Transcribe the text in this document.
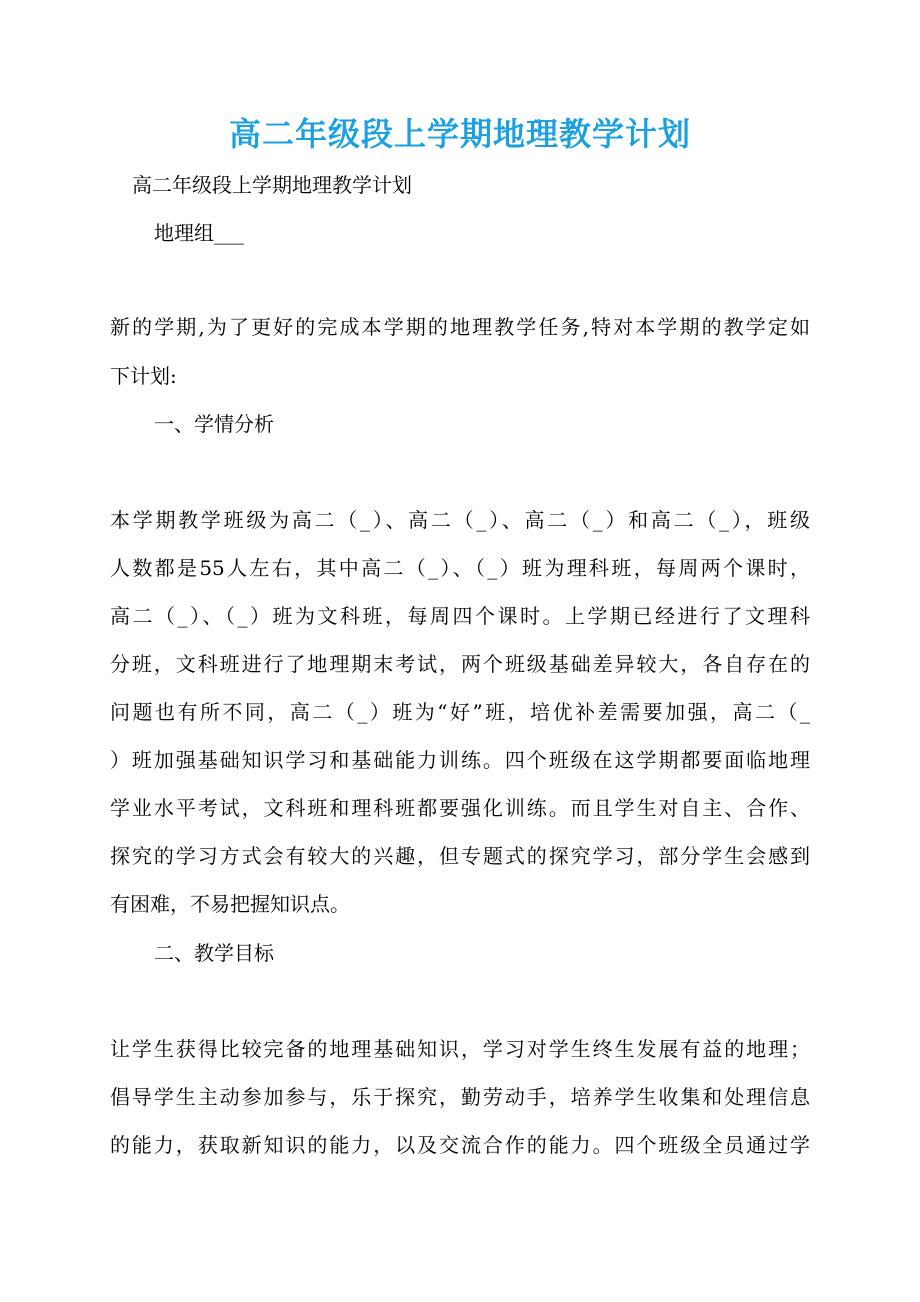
高二年级段上学期地理教学计划

高二年级段上学期地理教学计划

地理组___

新的学期,为了更好的完成本学期的地理教学任务,特对本学期的教学定如

下计划:

一、学情分析

本学期教学班级为高二（_）、高二（_）、高二（_）和高二（_），班级

人数都是55人左右，其中高二（_）、（_）班为理科班，每周两个课时，

高二（_）、（_）班为文科班，每周四个课时。上学期已经进行了文理科

分班，文科班进行了地理期末考试，两个班级基础差异较大，各自存在的

问题也有所不同，高二（_）班为“好”班，培优补差需要加强，高二（_

）班加强基础知识学习和基础能力训练。四个班级在这学期都要面临地理

学业水平考试，文科班和理科班都要强化训练。而且学生对自主、合作、

探究的学习方式会有较大的兴趣，但专题式的探究学习，部分学生会感到

有困难，不易把握知识点。

二、教学目标

让学生获得比较完备的地理基础知识，学习对学生终生发展有益的地理；

倡导学生主动参加参与，乐于探究，勤劳动手，培养学生收集和处理信息

的能力，获取新知识的能力，以及交流合作的能力。四个班级全员通过学
